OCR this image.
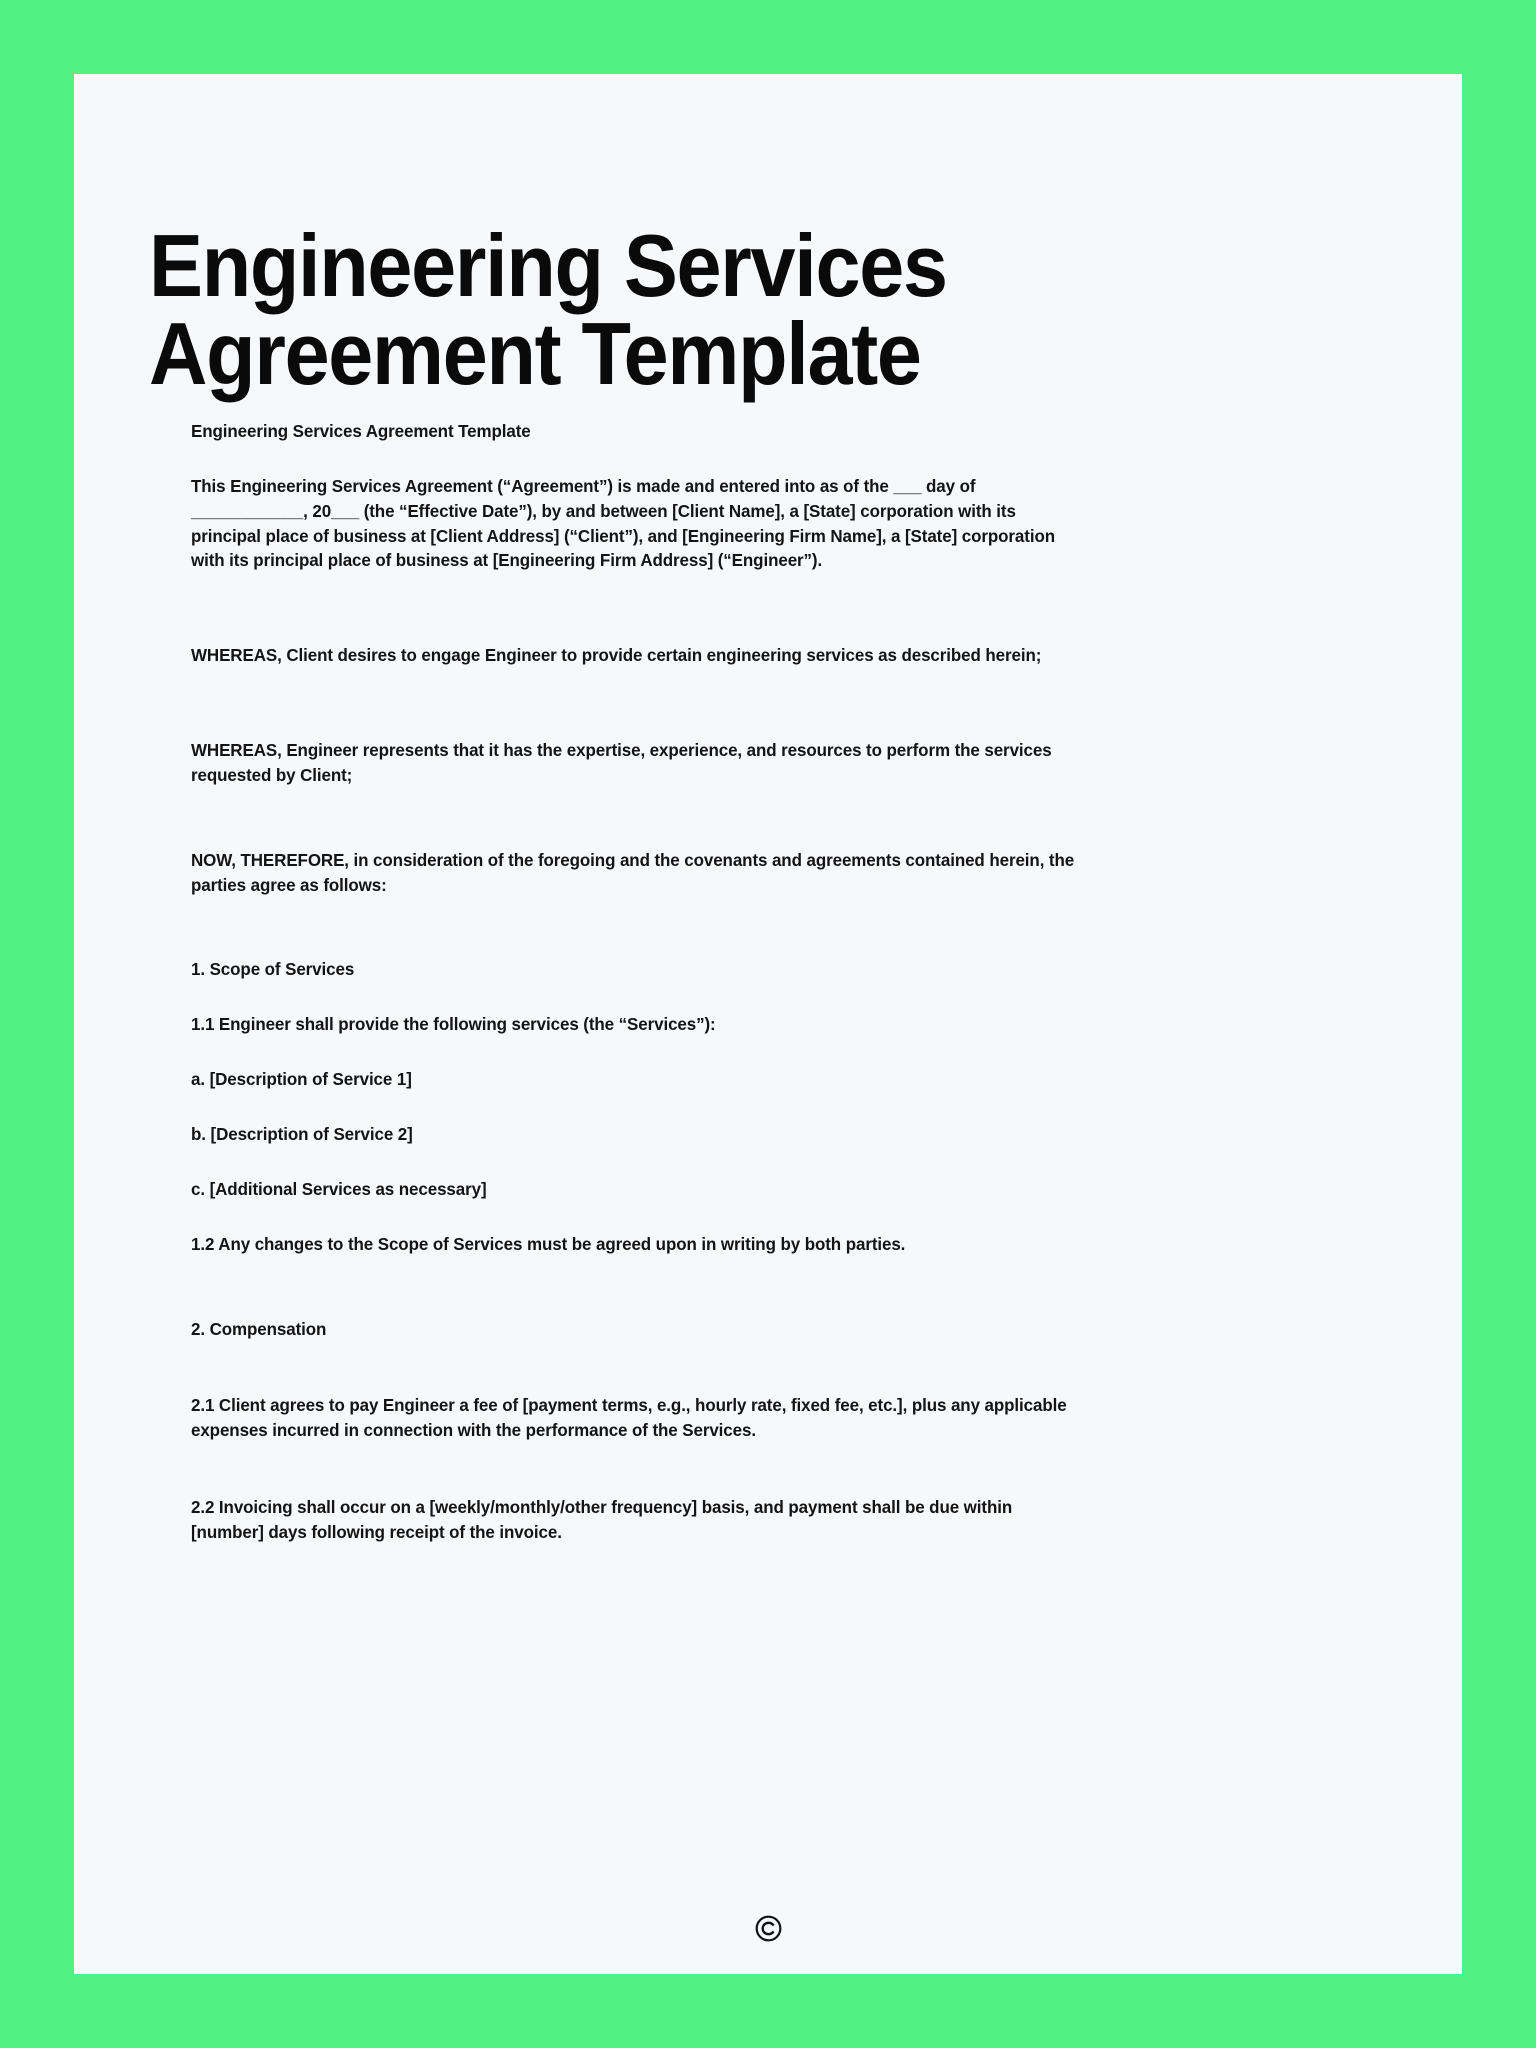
Engineering Services Agreement Template

Engineering Services Agreement Template

This Engineering Services Agreement (“Agreement”) is made and entered into as of the ___ day of ____________, 20___ (the “Effective Date”), by and between [Client Name], a [State] corporation with its principal place of business at [Client Address] (“Client”), and [Engineering Firm Name], a [State] corporation with its principal place of business at [Engineering Firm Address] (“Engineer”).

WHEREAS, Client desires to engage Engineer to provide certain engineering services as described herein;

WHEREAS, Engineer represents that it has the expertise, experience, and resources to perform the services requested by Client;

NOW, THEREFORE, in consideration of the foregoing and the covenants and agreements contained herein, the parties agree as follows:

1. Scope of Services

1.1 Engineer shall provide the following services (the “Services”):

a. [Description of Service 1]

b. [Description of Service 2]

c. [Additional Services as necessary]

1.2 Any changes to the Scope of Services must be agreed upon in writing by both parties.

2. Compensation

2.1 Client agrees to pay Engineer a fee of [payment terms, e.g., hourly rate, fixed fee, etc.], plus any applicable expenses incurred in connection with the performance of the Services.

2.2 Invoicing shall occur on a [weekly/monthly/other frequency] basis, and payment shall be due within [number] days following receipt of the invoice.
